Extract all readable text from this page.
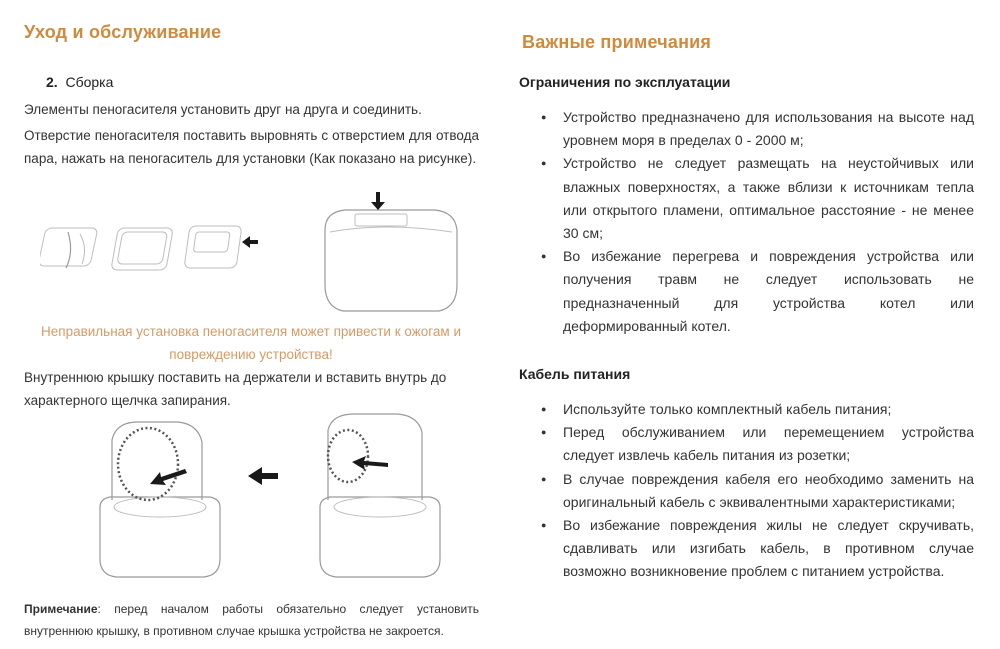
Уход и обслуживание
2. Сборка
Элементы пеногасителя установить друг на друга и соединить.
Отверстие пеногасителя поставить выровнять с отверстием для отвода пара, нажать на пеногаситель для установки (Как показано на рисунке).
Неправильная установка пеногасителя может привести к ожогам и повреждению устройства!
Внутреннюю крышку поставить на держатели и вставить внутрь до характерного щелчка запирания.
Примечание: перед началом работы обязательно следует установить внутреннюю крышку, в противном случае крышка устройства не закроется.
Важные примечания
Ограничения по эксплуатации
● Устройство предназначено для использования на высоте над уровнем моря в пределах 0 - 2000 м;
● Устройство не следует размещать на неустойчивых или влажных поверхностях, а также вблизи к источникам тепла или открытого пламени, оптимальное расстояние - не менее 30 см;
● Во избежание перегрева и повреждения устройства или получения травм не следует использовать не предназначенный для устройства котел или деформированный котел.
Кабель питания
● Используйте только комплектный кабель питания;
● Перед обслуживанием или перемещением устройства следует извлечь кабель питания из розетки;
● В случае повреждения кабеля его необходимо заменить на оригинальный кабель с эквивалентными характеристиками;
● Во избежание повреждения жилы не следует скручивать, сдавливать или изгибать кабель, в противном случае возможно возникновение проблем с питанием устройства.
